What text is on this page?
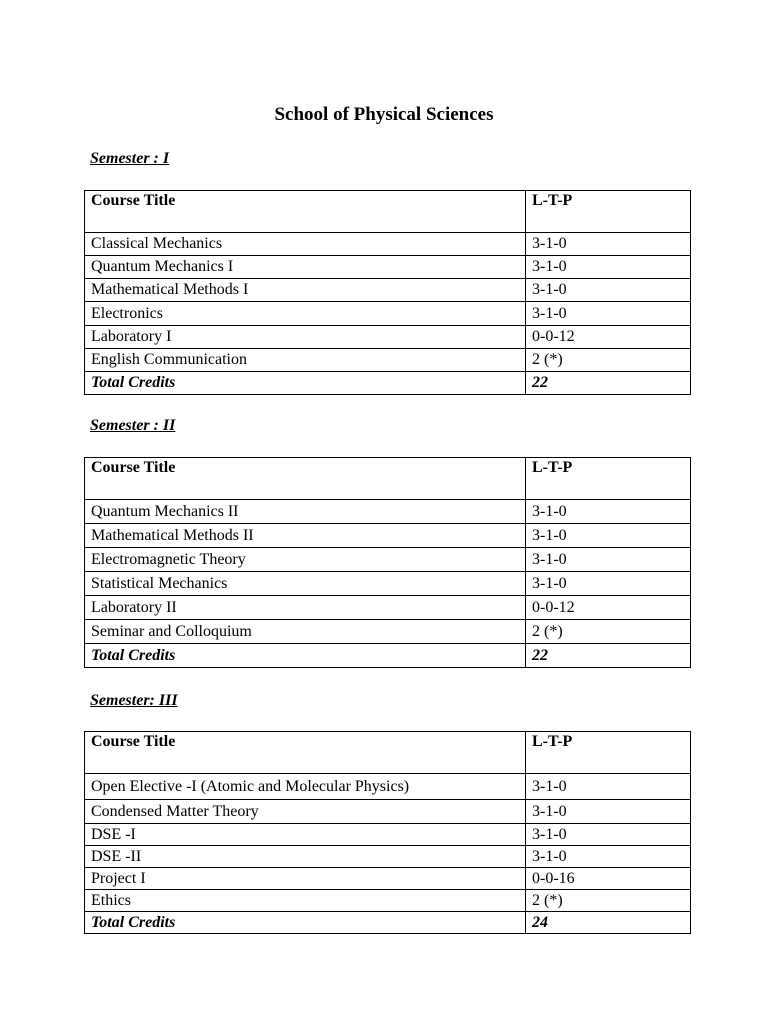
School of Physical Sciences
Semester : I
Course Title	L-T-P
Classical Mechanics	3-1-0
Quantum Mechanics I	3-1-0
Mathematical Methods I	3-1-0
Electronics	3-1-0
Laboratory I	0-0-12
English Communication	2 (*)
Total Credits	22
Semester : II
Course Title	L-T-P
Quantum Mechanics II	3-1-0
Mathematical Methods II	3-1-0
Electromagnetic Theory	3-1-0
Statistical Mechanics	3-1-0
Laboratory II	0-0-12
Seminar and Colloquium	2 (*)
Total Credits	22
Semester: III
Course Title	L-T-P
Open Elective -I (Atomic and Molecular Physics)	3-1-0
Condensed Matter Theory	3-1-0
DSE -I	3-1-0
DSE -II	3-1-0
Project I	0-0-16
Ethics	2 (*)
Total Credits	24
